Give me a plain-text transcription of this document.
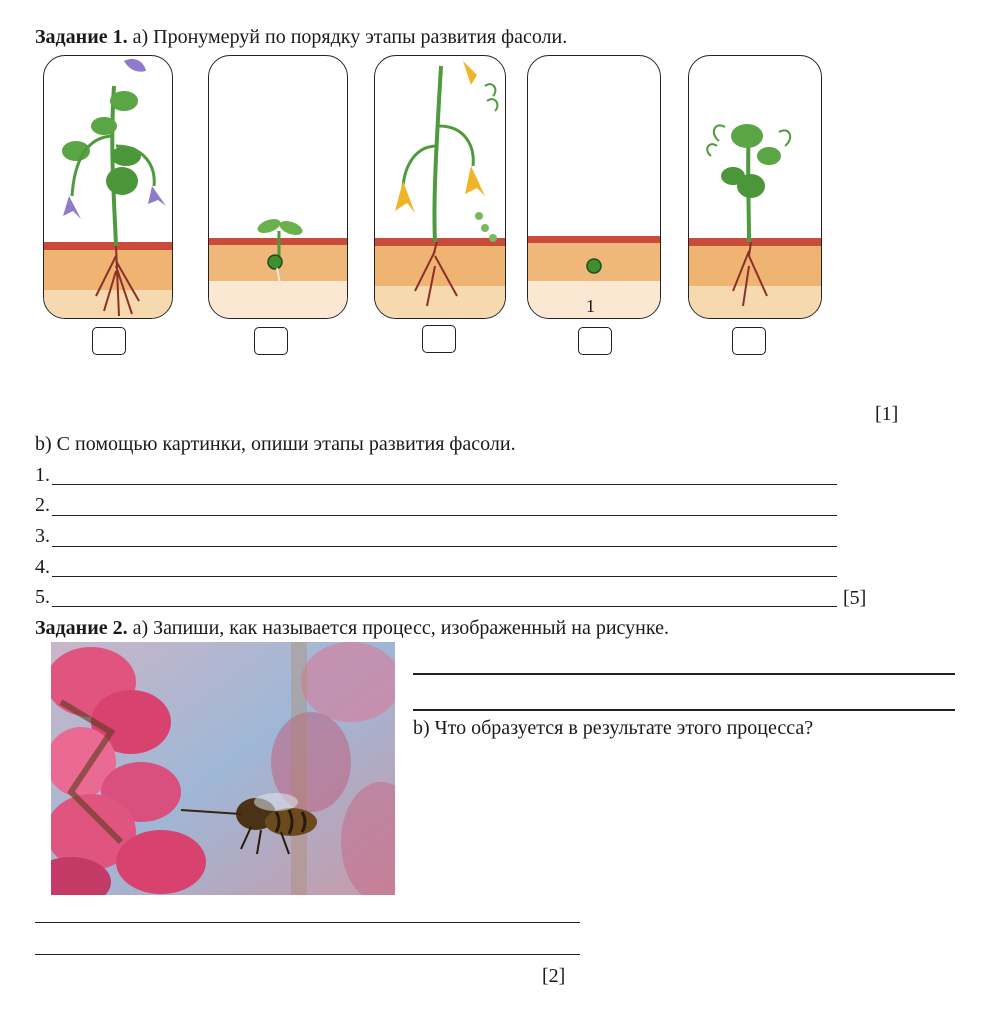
Задание 1. а) Пронумеруй по порядку этапы развития фасоли.
1
[1]
b) С помощью картинки, опиши этапы развития фасоли.
1.
2.
3.
4.
5.	[5]
Задание 2. а) Запиши, как называется процесс, изображенный на рисунке.
b) Что образуется в результате этого процесса?
[2]
